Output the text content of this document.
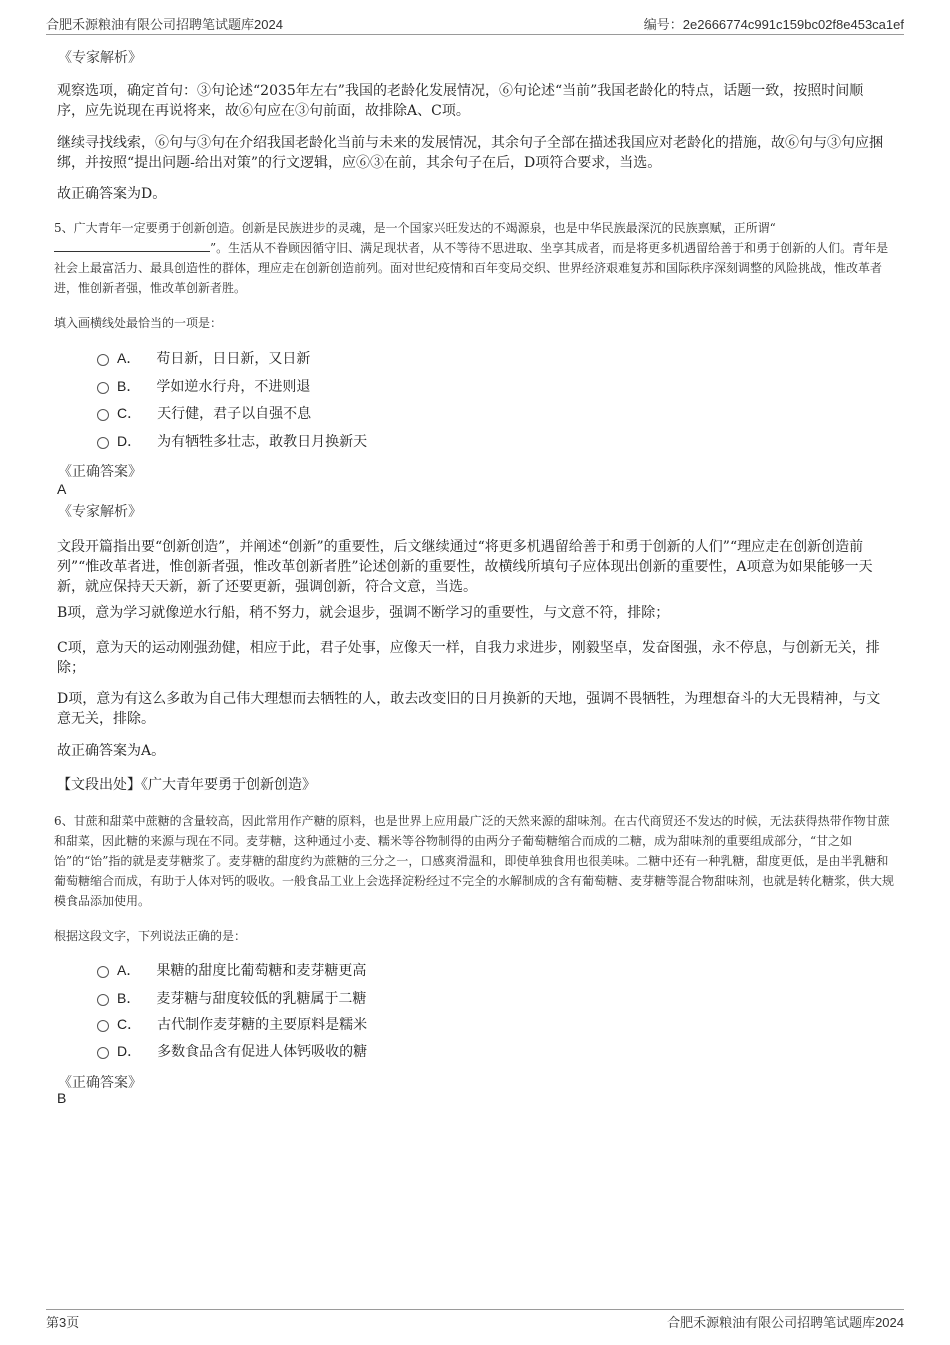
合肥禾源粮油有限公司招聘笔试题库2024	编号：2e2666774c991c159bc02f8e453ca1ef
《专家解析》
观察选项，确定首句：③句论述“2035年左右”我国的老龄化发展情况，⑥句论述“当前”我国老龄化的特点，话题一致，按照时间顺序，应先说现在再说将来，故⑥句应在③句前面，故排除A、C项。
继续寻找线索，⑥句与③句在介绍我国老龄化当前与未来的发展情况，其余句子全部在描述我国应对老龄化的措施，故⑥句与③句应捆绑，并按照“提出问题-给出对策”的行文逻辑，应⑥③在前，其余句子在后，D项符合要求，当选。
故正确答案为D。
5、广大青年一定要勇于创新创造。创新是民族进步的灵魂，是一个国家兴旺发达的不竭源泉，也是中华民族最深沉的民族禀赋，正所谓“”。生活从不眷顾因循守旧、满足现状者，从不等待不思进取、坐享其成者，而是将更多机遇留给善于和勇于创新的人们。青年是社会上最富活力、最具创造性的群体，理应走在创新创造前列。面对世纪疫情和百年变局交织、世界经济艰难复苏和国际秩序深刻调整的风险挑战，惟改革者进，惟创新者强，惟改革创新者胜。
填入画横线处最恰当的一项是：
A． 苟日新，日日新，又日新
B． 学如逆水行舟，不进则退
C． 天行健，君子以自强不息
D． 为有牺牲多壮志，敢教日月换新天
《正确答案》
A
《专家解析》
文段开篇指出要“创新创造”，并阐述“创新”的重要性，后文继续通过“将更多机遇留给善于和勇于创新的人们”“理应走在创新创造前列”“惟改革者进，惟创新者强，惟改革创新者胜”论述创新的重要性，故横线所填句子应体现出创新的重要性，A项意为如果能够一天新，就应保持天天新，新了还要更新，强调创新，符合文意，当选。
B项，意为学习就像逆水行船，稍不努力，就会退步，强调不断学习的重要性，与文意不符，排除；
C项，意为天的运动刚强劲健，相应于此，君子处事，应像天一样，自我力求进步，刚毅坚卓，发奋图强，永不停息，与创新无关，排除；
D项，意为有这么多敢为自己伟大理想而去牺牲的人，敢去改变旧的日月换新的天地，强调不畏牺牲，为理想奋斗的大无畏精神，与文意无关，排除。
故正确答案为A。
【文段出处】《广大青年要勇于创新创造》
6、甘蔗和甜菜中蔗糖的含量较高，因此常用作产糖的原料，也是世界上应用最广泛的天然来源的甜味剂。在古代商贸还不发达的时候，无法获得热带作物甘蔗和甜菜，因此糖的来源与现在不同。麦芽糖，这种通过小麦、糯米等谷物制得的由两分子葡萄糖缩合而成的二糖，成为甜味剂的重要组成部分，“甘之如饴”的“饴”指的就是麦芽糖浆了。麦芽糖的甜度约为蔗糖的三分之一，口感爽滑温和，即使单独食用也很美味。二糖中还有一种乳糖，甜度更低，是由半乳糖和葡萄糖缩合而成，有助于人体对钙的吸收。一般食品工业上会选择淀粉经过不完全的水解制成的含有葡萄糖、麦芽糖等混合物甜味剂，也就是转化糖浆，供大规模食品添加使用。
根据这段文字，下列说法正确的是：
A． 果糖的甜度比葡萄糖和麦芽糖更高
B． 麦芽糖与甜度较低的乳糖属于二糖
C． 古代制作麦芽糖的主要原料是糯米
D． 多数食品含有促进人体钙吸收的糖
《正确答案》
B
第3页	合肥禾源粮油有限公司招聘笔试题库2024
